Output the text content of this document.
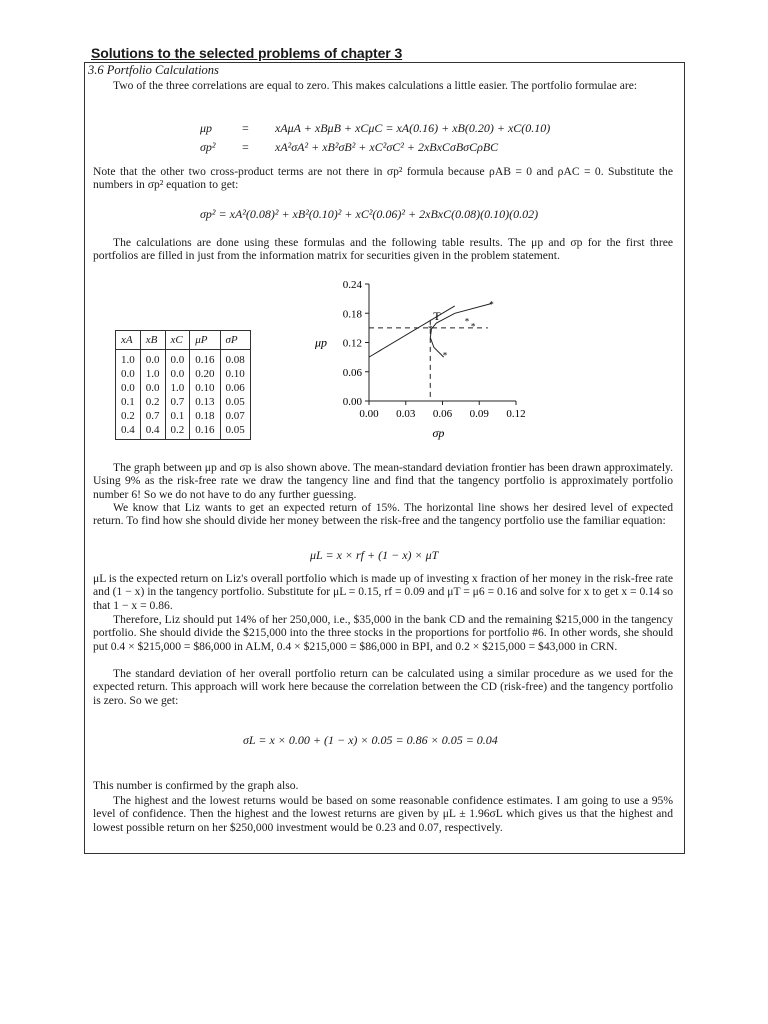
Solutions to the selected problems of chapter 3
3.6 Portfolio Calculations
Two of the three correlations are equal to zero. This makes calculations a little easier. The portfolio formulae are:
μp = xAμA + xBμB + xCμC = xA(0.16) + xB(0.20) + xC(0.10)
σp² = xA²σA² + xB²σB² + xC²σC² + 2xBxCσBσCρBC
Note that the other two cross-product terms are not there in σp² formula because ρAB = 0 and ρAC = 0. Substitute the numbers in σp² equation to get:
σp² = xA²(0.08)² + xB²(0.10)² + xC²(0.06)² + 2xBxC(0.08)(0.10)(0.02)
The calculations are done using these formulas and the following table results. The μp and σp for the first three portfolios are filled in just from the information matrix for securities given in the problem statement.
xA	xB	xC	μP	σP
1.0	0.0	0.0	0.16	0.08
0.0	1.0	0.0	0.20	0.10
0.0	0.0	1.0	0.10	0.06
0.1	0.2	0.7	0.13	0.05
0.2	0.7	0.1	0.18	0.07
0.4	0.4	0.2	0.16	0.05
0.24
0.18
0.12
0.06
0.00
0.00 0.03 0.06 0.09 0.12
μp
σp
*
*
*
*
*
T
The graph between μp and σp is also shown above. The mean-standard deviation frontier has been drawn approximately. Using 9% as the risk-free rate we draw the tangency line and find that the tangency portfolio is approximately portfolio number 6! So we do not have to do any further guessing.
We know that Liz wants to get an expected return of 15%. The horizontal line shows her desired level of expected return. To find how she should divide her money between the risk-free and the tangency portfolio use the familiar equation:
μL = x × rf + (1 − x) × μT
μL is the expected return on Liz's overall portfolio which is made up of investing x fraction of her money in the risk-free rate and (1 − x) in the tangency portfolio. Substitute for μL = 0.15, rf = 0.09 and μT = μ6 = 0.16 and solve for x to get x = 0.14 so that 1 − x = 0.86.
Therefore, Liz should put 14% of her 250,000, i.e., $35,000 in the bank CD and the remaining $215,000 in the tangency portfolio. She should divide the $215,000 into the three stocks in the proportions for portfolio #6. In other words, she should put 0.4 × $215,000 = $86,000 in ALM, 0.4 × $215,000 = $86,000 in BPI, and 0.2 × $215,000 = $43,000 in CRN.
The standard deviation of her overall portfolio return can be calculated using a similar procedure as we used for the expected return. This approach will work here because the correlation between the CD (risk-free) and the tangency portfolio is zero. So we get:
σL = x × 0.00 + (1 − x) × 0.05 = 0.86 × 0.05 = 0.04
This number is confirmed by the graph also.
The highest and the lowest returns would be based on some reasonable confidence estimates. I am going to use a 95% level of confidence. Then the highest and the lowest returns are given by μL ± 1.96σL which gives us that the highest and lowest possible return on her $250,000 investment would be 0.23 and 0.07, respectively.
